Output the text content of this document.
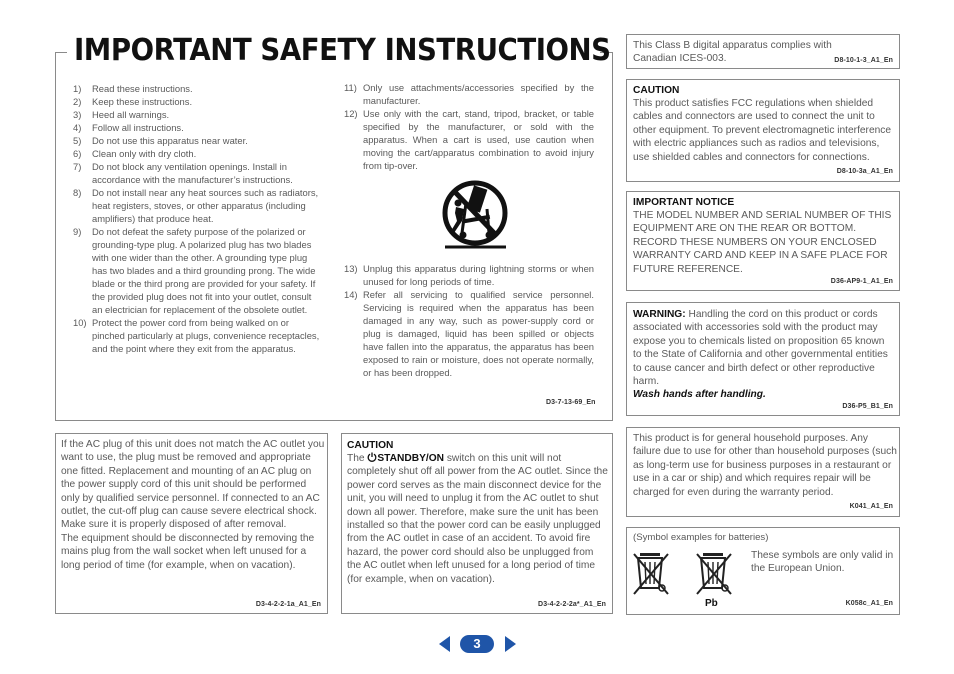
IMPORTANT SAFETY INSTRUCTIONS
1) Read these instructions.
2) Keep these instructions.
3) Heed all warnings.
4) Follow all instructions.
5) Do not use this apparatus near water.
6) Clean only with dry cloth.
7) Do not block any ventilation openings. Install in accordance with the manufacturer’s instructions.
8) Do not install near any heat sources such as radiators, heat registers, stoves, or other apparatus (including amplifiers) that produce heat.
9) Do not defeat the safety purpose of the polarized or grounding-type plug. A polarized plug has two blades with one wider than the other. A grounding type plug has two blades and a third grounding prong. The wide blade or the third prong are provided for your safety. If the provided plug does not fit into your outlet, consult an electrician for replacement of the obsolete outlet.
10) Protect the power cord from being walked on or pinched particularly at plugs, convenience receptacles, and the point where they exit from the apparatus.
11) Only use attachments/accessories specified by the manufacturer.
12) Use only with the cart, stand, tripod, bracket, or table specified by the manufacturer, or sold with the apparatus. When a cart is used, use caution when moving the cart/apparatus combination to avoid injury from tip-over.
13) Unplug this apparatus during lightning storms or when unused for long periods of time.
14) Refer all servicing to qualified service personnel. Servicing is required when the apparatus has been damaged in any way, such as power-supply cord or plug is damaged, liquid has been spilled or objects have fallen into the apparatus, the apparatus has been exposed to rain or moisture, does not operate normally, or has been dropped.
D3-7-13-69_En
This Class B digital apparatus complies with Canadian ICES-003.	D8-10-1-3_A1_En
CAUTION
This product satisfies FCC regulations when shielded cables and connectors are used to connect the unit to other equipment. To prevent electromagnetic interference with electric appliances such as radios and televisions, use shielded cables and connectors for connections.
D8-10-3a_A1_En
IMPORTANT NOTICE
THE MODEL NUMBER AND SERIAL NUMBER OF THIS EQUIPMENT ARE ON THE REAR OR BOTTOM. RECORD THESE NUMBERS ON YOUR ENCLOSED WARRANTY CARD AND KEEP IN A SAFE PLACE FOR FUTURE REFERENCE.
D36-AP9-1_A1_En
WARNING: Handling the cord on this product or cords associated with accessories sold with the product may expose you to chemicals listed on proposition 65 known to the State of California and other governmental entities to cause cancer and birth defect or other reproductive harm.
Wash hands after handling.
D36-P5_B1_En
If the AC plug of this unit does not match the AC outlet you want to use, the plug must be removed and appropriate one fitted. Replacement and mounting of an AC plug on the power supply cord of this unit should be performed only by qualified service personnel. If connected to an AC outlet, the cut-off plug can cause severe electrical shock. Make sure it is properly disposed of after removal.
The equipment should be disconnected by removing the mains plug from the wall socket when left unused for a long period of time (for example, when on vacation).
D3-4-2-2-1a_A1_En
CAUTION
The STANDBY/ON switch on this unit will not completely shut off all power from the AC outlet. Since the power cord serves as the main disconnect device for the unit, you will need to unplug it from the AC outlet to shut down all power. Therefore, make sure the unit has been installed so that the power cord can be easily unplugged from the AC outlet in case of an accident. To avoid fire hazard, the power cord should also be unplugged from the AC outlet when left unused for a long period of time (for example, when on vacation).
D3-4-2-2-2a*_A1_En
This product is for general household purposes. Any failure due to use for other than household purposes (such as long-term use for business purposes in a restaurant or use in a car or ship) and which requires repair will be charged for even during the warranty period.
K041_A1_En
(Symbol examples for batteries)
Pb
These symbols are only valid in the European Union.
K058c_A1_En
3
